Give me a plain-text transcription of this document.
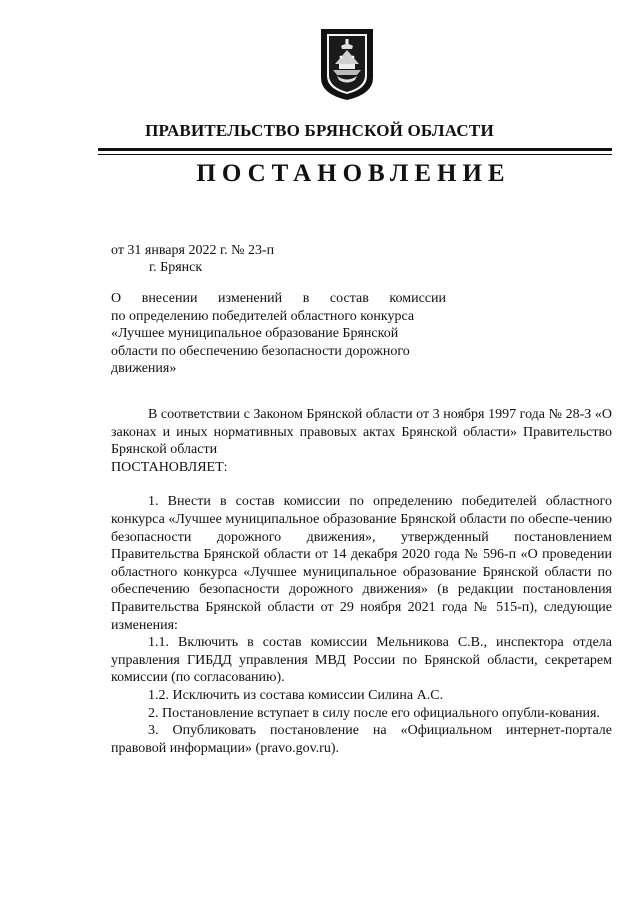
ПРАВИТЕЛЬСТВО БРЯНСКОЙ ОБЛАСТИ
ПОСТАНОВЛЕНИЕ
от 31 января 2022 г. № 23-п
г. Брянск
О внесении изменений в состав комиссии
по определению победителей областного конкурса «Лучшее муниципальное образование Брянской области по обеспечению безопасности дорожного движения»

В соответствии с Законом Брянской области от 3 ноября 1997 года № 28-З «О законах и иных нормативных правовых актах Брянской области» Правительство Брянской области

ПОСТАНОВЛЯЕТ:

1. Внести в состав комиссии по определению победителей областного конкурса «Лучшее муниципальное образование Брянской области по обеспе-чению безопасности дорожного движения», утвержденный постановлением Правительства Брянской области от 14 декабря 2020 года № 596-п «О проведении областного конкурса «Лучшее муниципальное образование Брянской области по обеспечению безопасности дорожного движения» (в редакции постановления Правительства Брянской области от 29 ноября 2021 года № 515-п), следующие изменения:

1.1. Включить в состав комиссии Мельникова С.В., инспектора отдела управления ГИБДД управления МВД России по Брянской области, секретарем комиссии (по согласованию).

1.2. Исключить из состава комиссии Силина А.С.

2. Постановление вступает в силу после его официального опубли-кования.

3. Опубликовать постановление на «Официальном интернет-портале правовой информации» (pravo.gov.ru).
